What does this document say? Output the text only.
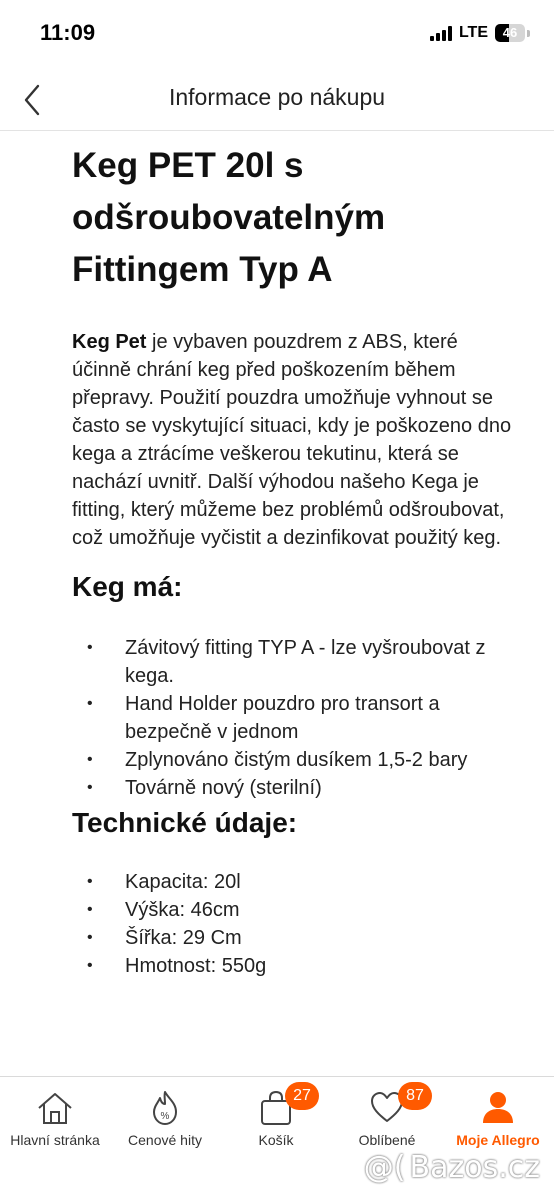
11:09	LTE	46
Informace po nákupu
Keg PET 20l s odšroubovatelným Fittingem Typ A

Keg Pet je vybaven pouzdrem z ABS, které účinně chrání keg před poškozením během přepravy. Použití pouzdra umožňuje vyhnout se často se vyskytující situaci, kdy je poškozeno dno kega a ztrácíme veškerou tekutinu, která se nachází uvnitř. Další výhodou našeho Kega je fitting, který můžeme bez problémů odšroubovat, což umožňuje vyčistit a dezinfikovat použitý keg.

Keg má:
• Závitový fitting TYP A - lze vyšroubovat z kega.
• Hand Holder pouzdro pro transort a bezpečně v jednom
• Zplynováno čistým dusíkem 1,5-2 bary
• Továrně nový (sterilní)
Technické údaje:
• Kapacita: 20l
• Výška: 46cm
• Šířka: 29 Cm
• Hmotnost: 550g
Hlavní stránka
%
Cenové hity
27
Košík
87
Oblíbené	Moje Allegro
@( Bazos.cz
